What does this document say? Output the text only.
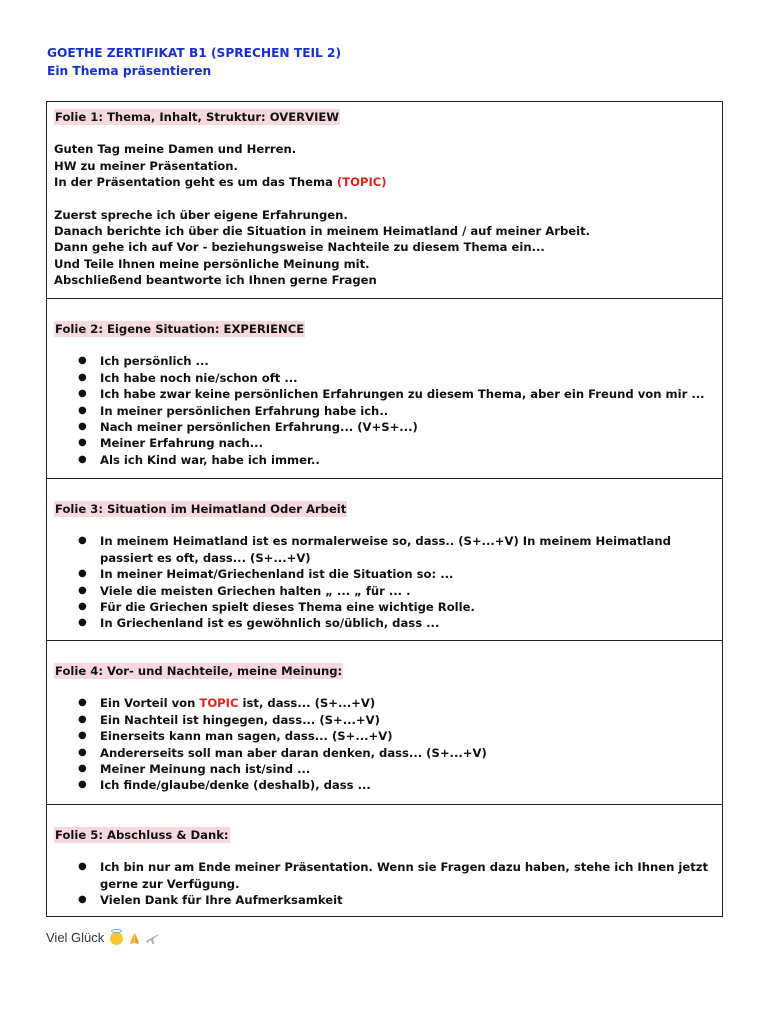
GOETHE ZERTIFIKAT B1 (SPRECHEN TEIL 2)
Ein Thema präsentieren
Folie 1: Thema, Inhalt, Struktur: OVERVIEW
Guten Tag meine Damen und Herren.
HW zu meiner Präsentation.
In der Präsentation geht es um das Thema (TOPIC)
Zuerst spreche ich über eigene Erfahrungen.
Danach berichte ich über die Situation in meinem Heimatland / auf meiner Arbeit.
Dann gehe ich auf Vor - beziehungsweise Nachteile zu diesem Thema ein...
Und Teile Ihnen meine persönliche Meinung mit.
Abschließend beantworte ich Ihnen gerne Fragen
Folie 2: Eigene Situation: EXPERIENCE
● Ich persönlich ...
● Ich habe noch nie/schon oft ...
● Ich habe zwar keine persönlichen Erfahrungen zu diesem Thema, aber ein Freund von mir ...
● In meiner persönlichen Erfahrung habe ich..
● Nach meiner persönlichen Erfahrung... (V+S+...)
● Meiner Erfahrung nach...
● Als ich Kind war, habe ich immer..
Folie 3: Situation im Heimatland Oder Arbeit
● In meinem Heimatland ist es normalerweise so, dass.. (S+...+V) In meinem Heimatland passiert es oft, dass... (S+...+V)
● In meiner Heimat/Griechenland ist die Situation so: ...
● Viele die meisten Griechen halten „ ... „ für ... .
● Für die Griechen spielt dieses Thema eine wichtige Rolle.
● In Griechenland ist es gewöhnlich so/üblich, dass ...
Folie 4: Vor- und Nachteile, meine Meinung:
● Ein Vorteil von TOPIC ist, dass... (S+...+V)
● Ein Nachteil ist hingegen, dass... (S+...+V)
● Einerseits kann man sagen, dass... (S+...+V)
● Andererseits soll man aber daran denken, dass... (S+...+V)
● Meiner Meinung nach ist/sind ...
● Ich finde/glaube/denke (deshalb), dass ...
Folie 5: Abschluss & Dank:
● Ich bin nur am Ende meiner Präsentation. Wenn sie Fragen dazu haben, stehe ich Ihnen jetzt gerne zur Verfügung.
● Vielen Dank für Ihre Aufmerksamkeit
Viel Glück
